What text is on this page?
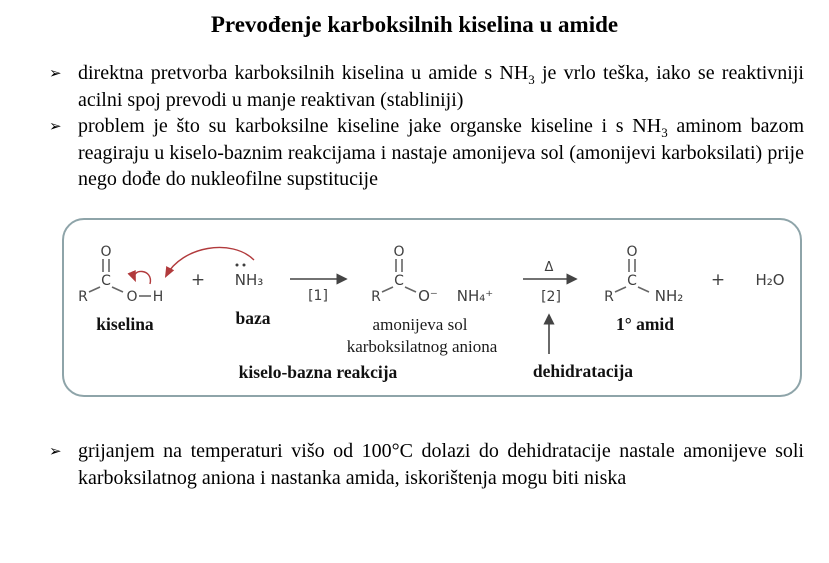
Prevođenje karboksilnih kiselina u amide
➢ direktna pretvorba karboksilnih kiselina u amide s $NH_3$ je vrlo teška, iako se reaktivniji acilni spoj prevodi u manje reaktivan (stabliniji)
➢ problem je što su karboksilne kiseline jake organske kiseline i s $NH_3$ aminom bazom reagiraju u kiselo-baznim reakcijama i nastaje amonijeva sol (amonijevi karboksilati) prije nego dođe do nukleofilne supstitucije
O
C
R	O H
kiselina
+ NH₃
baza
[1]
kiselo-bazna reakcija
O
C
R O⁻ NH₄⁺
amonijeva sol
karboksilatnog aniona
Δ
[2]
dehidratacija
O
C
R	NH₂
1° amid
+ H₂O
➢ grijanjem na temperaturi višo od 100°C dolazi do dehidratacije nastale amonijeve soli karboksilatnog aniona i nastanka amida, iskorištenja mogu biti niska
